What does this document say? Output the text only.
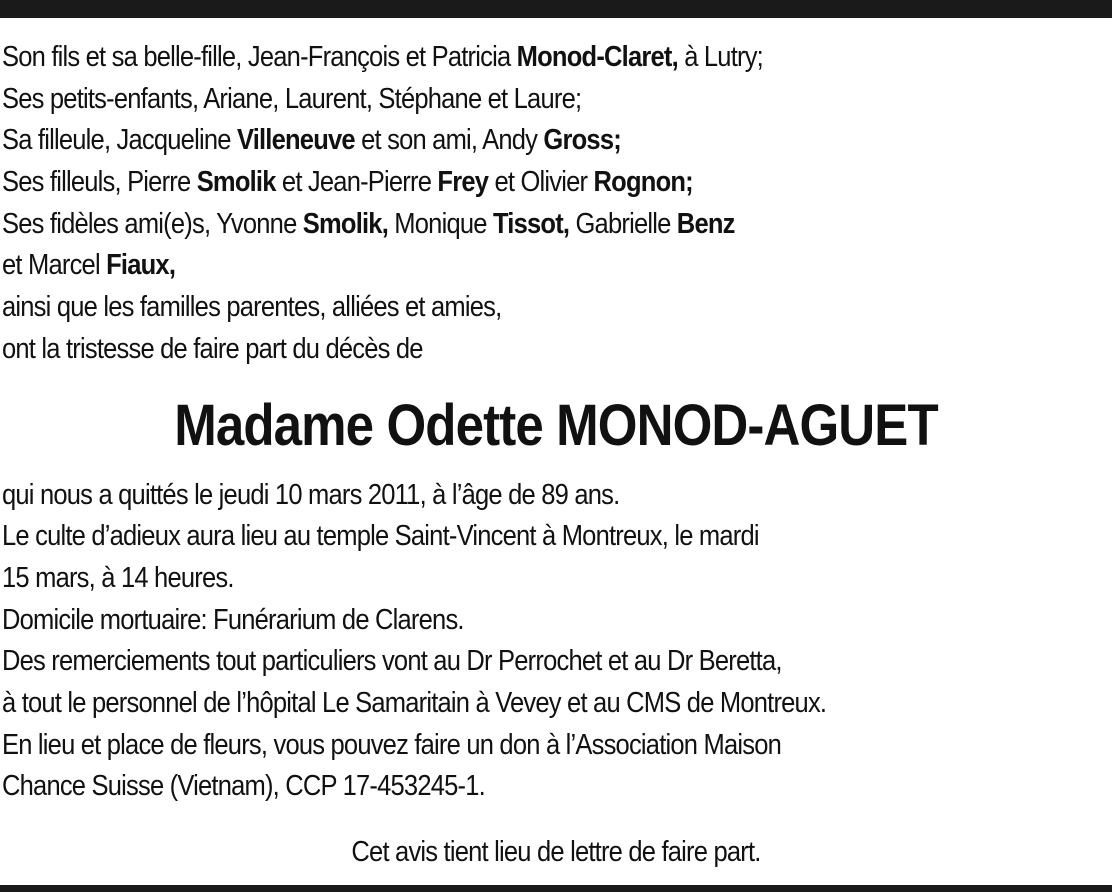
Son fils et sa belle-fille, Jean-François et Patricia Monod-Claret, à Lutry;
Ses petits-enfants, Ariane, Laurent, Stéphane et Laure;
Sa filleule, Jacqueline Villeneuve et son ami, Andy Gross;
Ses filleuls, Pierre Smolik et Jean-Pierre Frey et Olivier Rognon;
Ses fidèles ami(e)s, Yvonne Smolik, Monique Tissot, Gabrielle Benz
et Marcel Fiaux,
ainsi que les familles parentes, alliées et amies,
ont la tristesse de faire part du décès de
Madame Odette MONOD-AGUET
qui nous a quittés le jeudi 10 mars 2011, à l’âge de 89 ans.
Le culte d’adieux aura lieu au temple Saint-Vincent à Montreux, le mardi
15 mars, à 14 heures.
Domicile mortuaire: Funérarium de Clarens.
Des remerciements tout particuliers vont au Dr Perrochet et au Dr Beretta,
à tout le personnel de l’hôpital Le Samaritain à Vevey et au CMS de Montreux.
En lieu et place de fleurs, vous pouvez faire un don à l’Association Maison
Chance Suisse (Vietnam), CCP 17-453245-1.
Cet avis tient lieu de lettre de faire part.
